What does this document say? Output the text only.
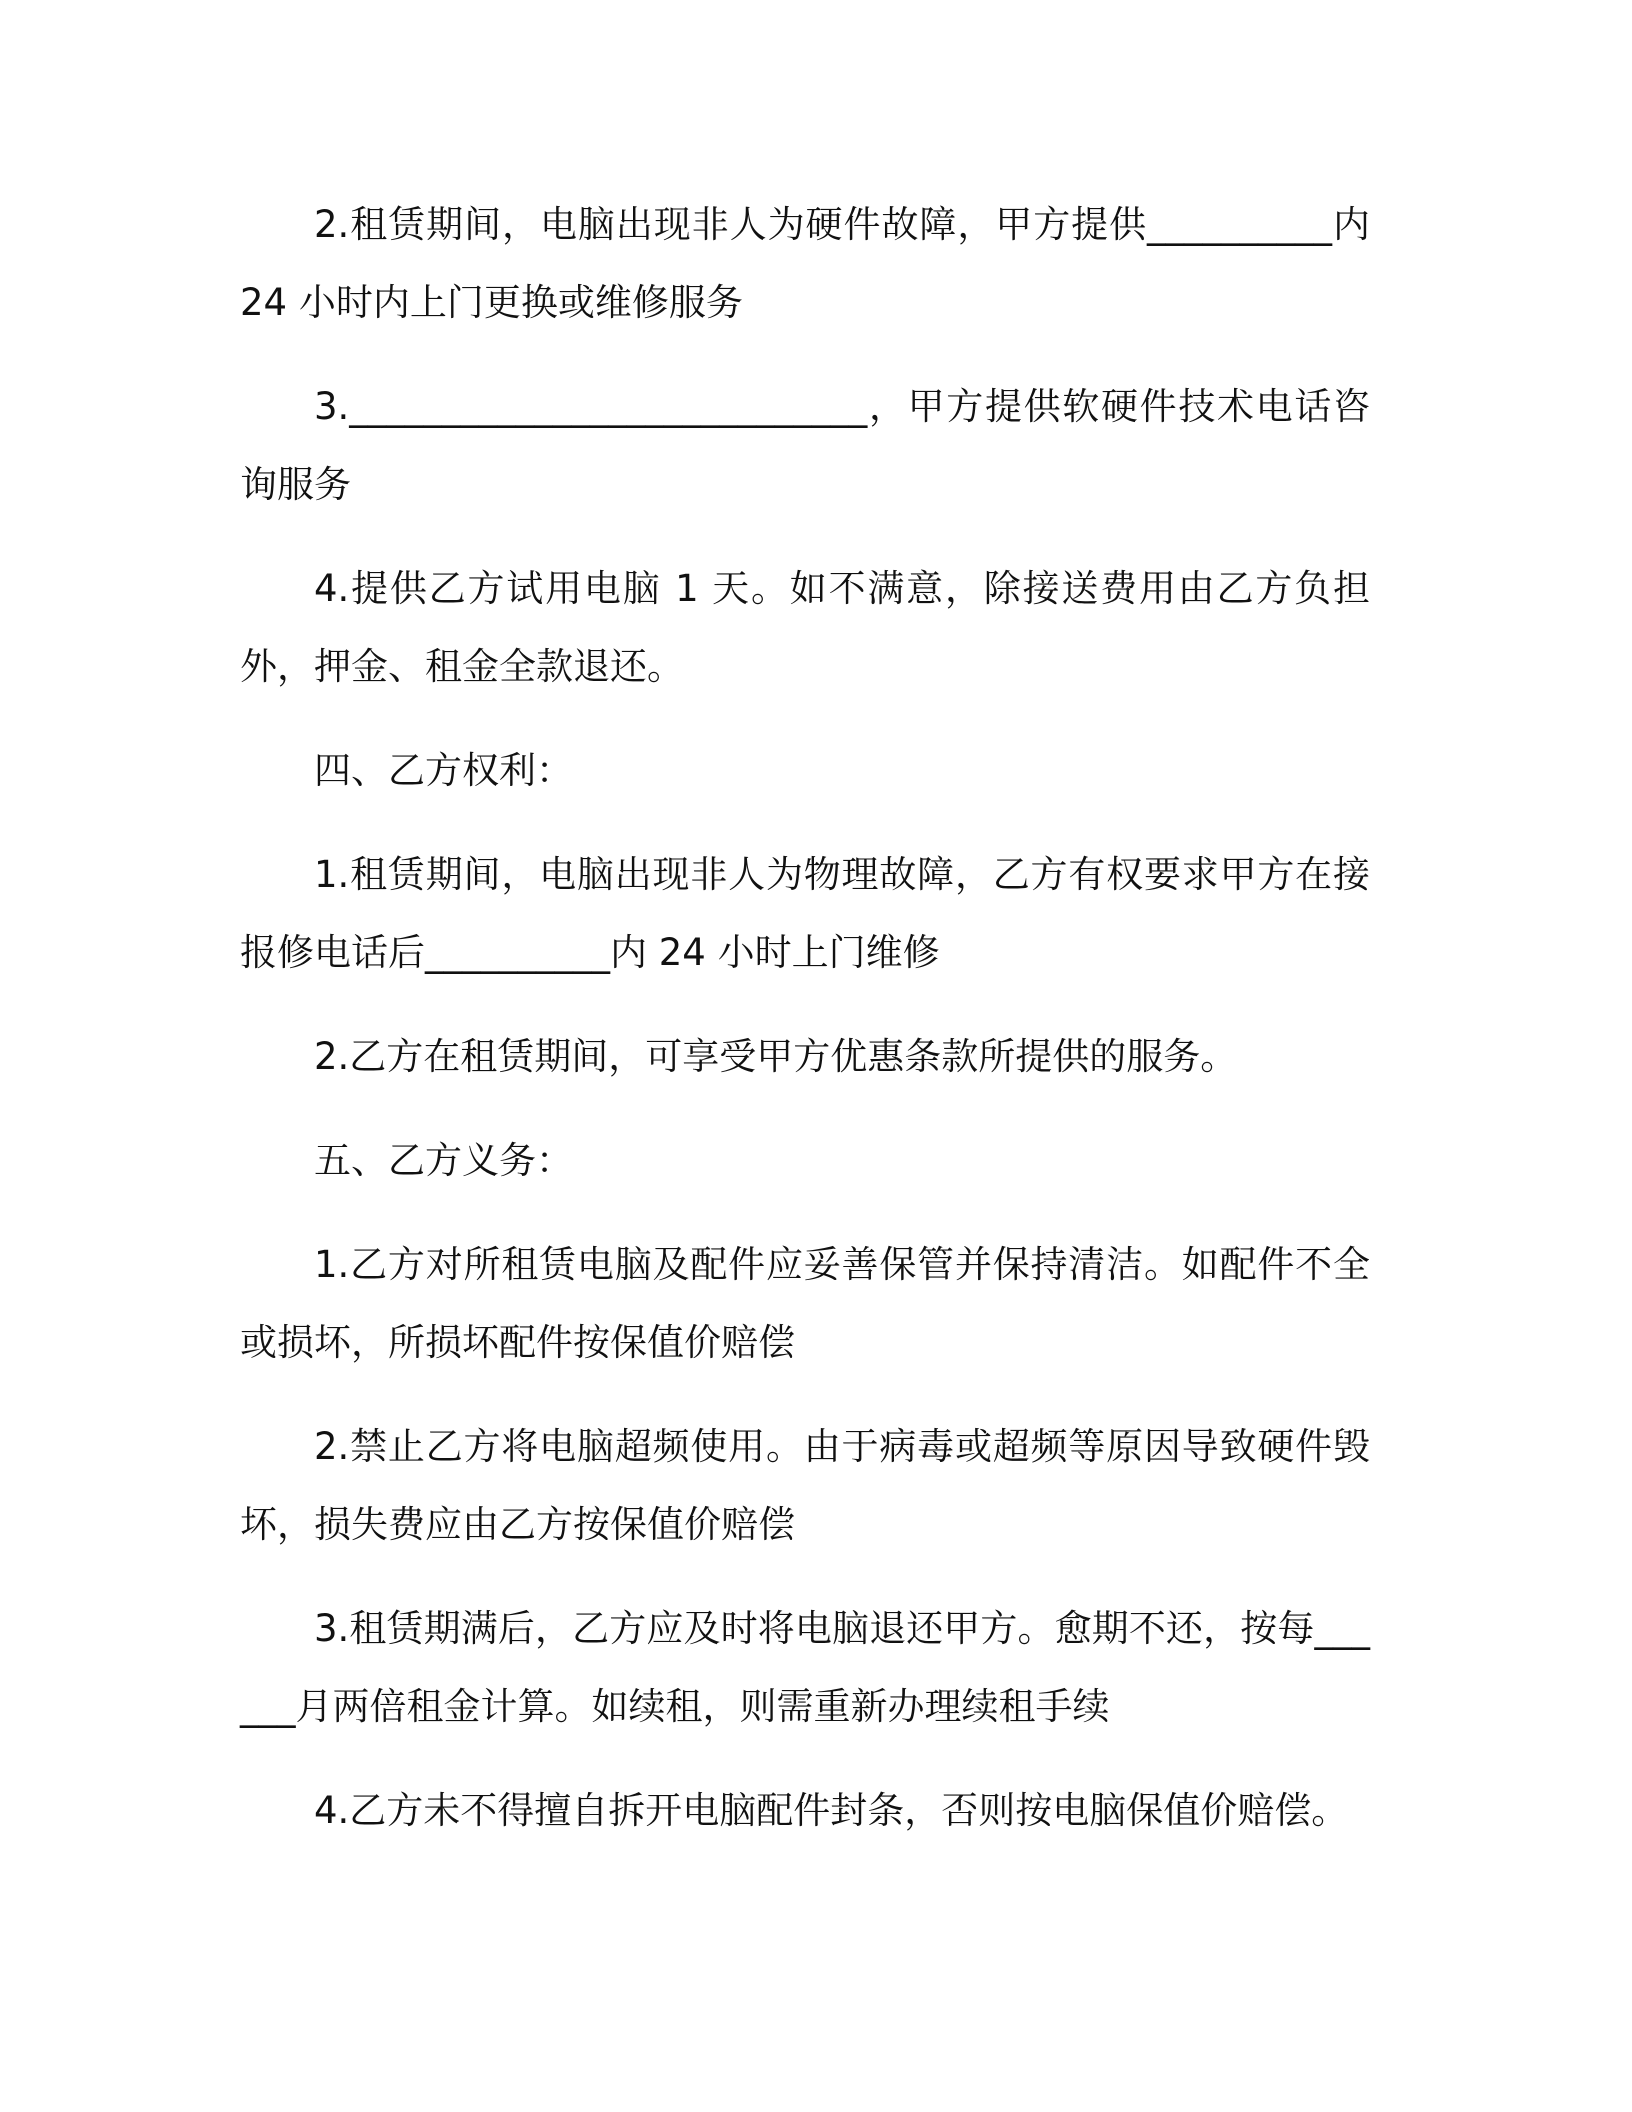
2.租赁期间，电脑出现非人为硬件故障，甲方提供__________内24 小时内上门更换或维修服务

3.____________________________，甲方提供软硬件技术电话咨询服务

4.提供乙方试用电脑 1 天。如不满意，除接送费用由乙方负担外，押金、租金全款退还。

四、乙方权利：

1.租赁期间，电脑出现非人为物理故障，乙方有权要求甲方在接报修电话后__________内 24 小时上门维修

2.乙方在租赁期间，可享受甲方优惠条款所提供的服务。

五、乙方义务：

1.乙方对所租赁电脑及配件应妥善保管并保持清洁。如配件不全或损坏，所损坏配件按保值价赔偿

2.禁止乙方将电脑超频使用。由于病毒或超频等原因导致硬件毁坏，损失费应由乙方按保值价赔偿

3.租赁期满后，乙方应及时将电脑退还甲方。愈期不还，按每______月两倍租金计算。如续租，则需重新办理续租手续

4.乙方未不得擅自拆开电脑配件封条，否则按电脑保值价赔偿。
